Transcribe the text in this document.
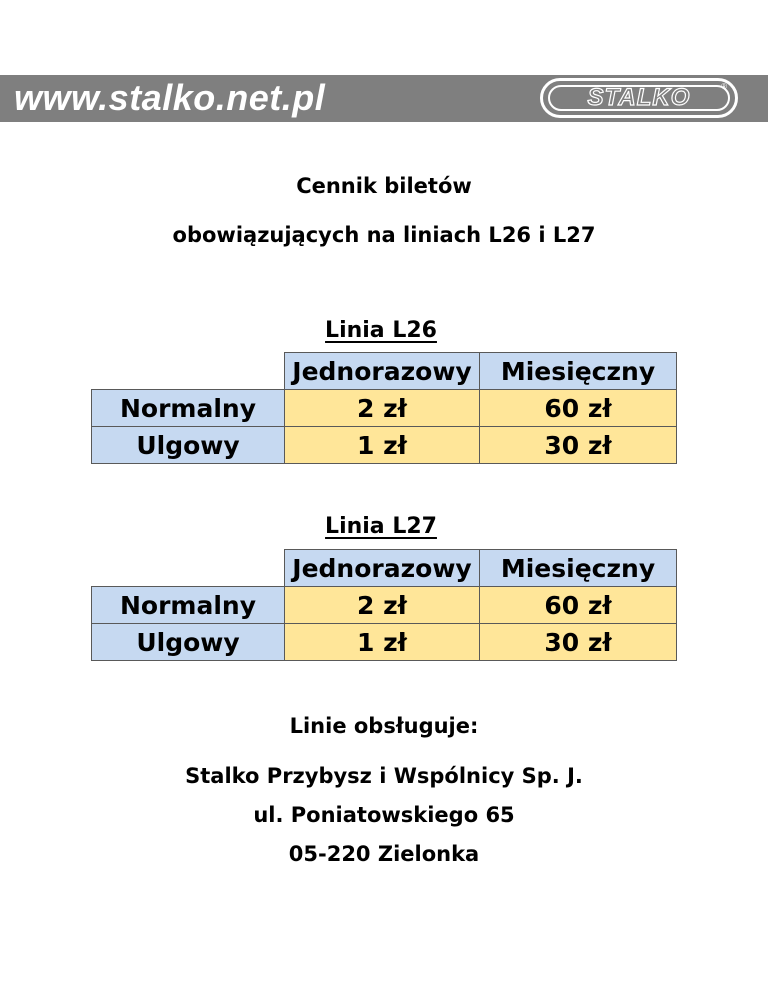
www.stalko.net.pl	STALKO	®
Cennik biletów
obowiązujących na liniach L26 i L27
Linia L26
	Jednorazowy	Miesięczny
Normalny	2 zł	60 zł
Ulgowy	1 zł	30 zł
Linia L27
	Jednorazowy	Miesięczny
Normalny	2 zł	60 zł
Ulgowy	1 zł	30 zł
Linie obsługuje:
Stalko Przybysz i Wspólnicy Sp. J.
ul. Poniatowskiego 65
05-220 Zielonka
